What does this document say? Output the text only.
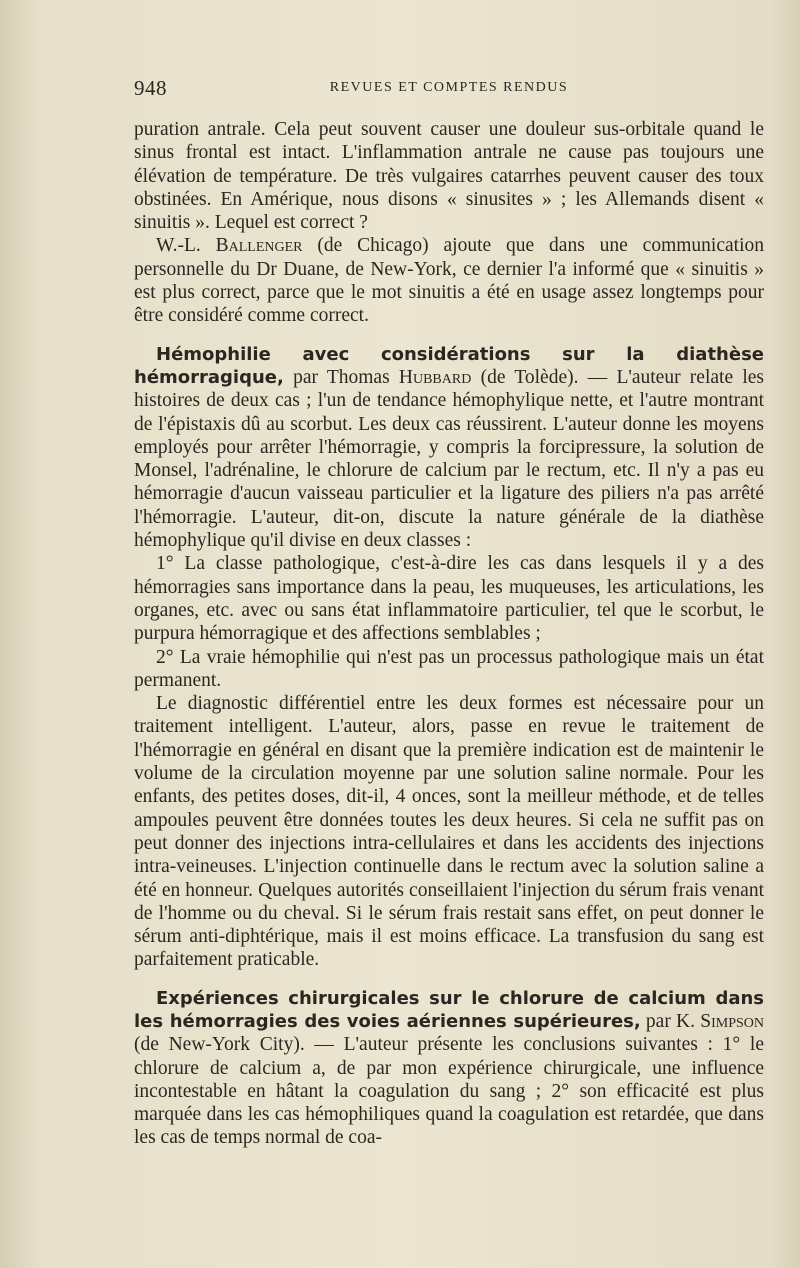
948	REVUES ET COMPTES RENDUS

puration antrale. Cela peut souvent causer une douleur sus-orbitale quand le sinus frontal est intact. L'inflammation antrale ne cause pas toujours une élévation de température. De très vulgaires catarrhes peuvent causer des toux obstinées. En Amérique, nous disons « sinusites » ; les Allemands disent « sinuitis ». Lequel est correct ?

W.-L. Ballenger (de Chicago) ajoute que dans une communication personnelle du Dr Duane, de New-York, ce dernier l'a informé que « sinuitis » est plus correct, parce que le mot sinuitis a été en usage assez longtemps pour être considéré comme correct.

Hémophilie avec considérations sur la diathèse hémorragique, par Thomas Hubbard (de Tolède). — L'auteur relate les histoires de deux cas ; l'un de tendance hémophylique nette, et l'autre montrant de l'épistaxis dû au scorbut. Les deux cas réussirent. L'auteur donne les moyens employés pour arrêter l'hémorragie, y compris la forcipressure, la solution de Monsel, l'adrénaline, le chlorure de calcium par le rectum, etc. Il n'y a pas eu hémorragie d'aucun vaisseau particulier et la ligature des piliers n'a pas arrêté l'hémorragie. L'auteur, dit-on, discute la nature générale de la diathèse hémophylique qu'il divise en deux classes :

1° La classe pathologique, c'est-à-dire les cas dans lesquels il y a des hémorragies sans importance dans la peau, les muqueuses, les articulations, les organes, etc. avec ou sans état inflammatoire particulier, tel que le scorbut, le purpura hémorragique et des affections semblables ;

2° La vraie hémophilie qui n'est pas un processus pathologique mais un état permanent.

Le diagnostic différentiel entre les deux formes est nécessaire pour un traitement intelligent. L'auteur, alors, passe en revue le traitement de l'hémorragie en général en disant que la première indication est de maintenir le volume de la circulation moyenne par une solution saline normale. Pour les enfants, des petites doses, dit-il, 4 onces, sont la meilleur méthode, et de telles ampoules peuvent être données toutes les deux heures. Si cela ne suffit pas on peut donner des injections intra-cellulaires et dans les accidents des injections intra-veineuses. L'injection continuelle dans le rectum avec la solution saline a été en honneur. Quelques autorités conseillaient l'injection du sérum frais venant de l'homme ou du cheval. Si le sérum frais restait sans effet, on peut donner le sérum anti-diphtérique, mais il est moins efficace. La transfusion du sang est parfaitement praticable.

Expériences chirurgicales sur le chlorure de calcium dans les hémorragies des voies aériennes supérieures, par K. Simpson (de New-York City). — L'auteur présente les conclusions suivantes : 1° le chlorure de calcium a, de par mon expérience chirurgicale, une influence incontestable en hâtant la coagulation du sang ; 2° son efficacité est plus marquée dans les cas hémophiliques quand la coagulation est retardée, que dans les cas de temps normal de coa-
